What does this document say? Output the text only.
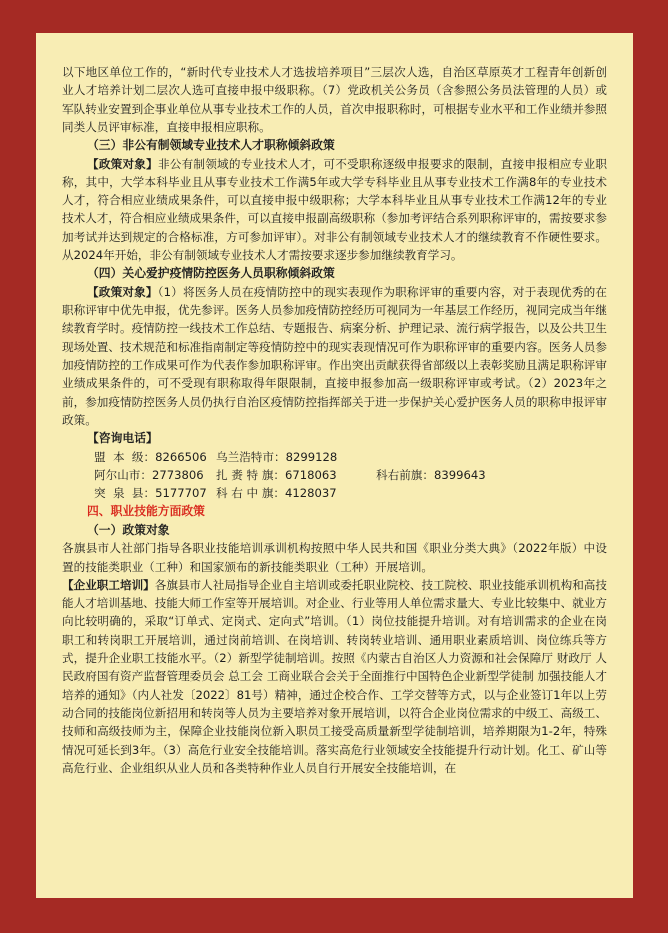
以下地区单位工作的，“新时代专业技术人才选拔培养项目”三层次人选，自治区草原英才工程青年创新创业人才培养计划二层次人选可直接申报中级职称。（7）党政机关公务员（含参照公务员法管理的人员）或军队转业安置到企事业单位从事专业技术工作的人员，首次申报职称时，可根据专业水平和工作业绩并参照同类人员评审标准，直接申报相应职称。

（三）非公有制领域专业技术人才职称倾斜政策

【政策对象】非公有制领域的专业技术人才，可不受职称逐级申报要求的限制，直接申报相应专业职称，其中，大学本科毕业且从事专业技术工作满5年或大学专科毕业且从事专业技术工作满8年的专业技术人才，符合相应业绩成果条件，可以直接申报中级职称；大学本科毕业且从事专业技术工作满12年的专业技术人才，符合相应业绩成果条件，可以直接申报副高级职称（参加考评结合系列职称评审的，需按要求参加考试并达到规定的合格标准，方可参加评审）。对非公有制领域专业技术人才的继续教育不作硬性要求。从2024年开始，非公有制领域专业技术人才需按要求逐步参加继续教育学习。

（四）关心爱护疫情防控医务人员职称倾斜政策

【政策对象】（1）将医务人员在疫情防控中的现实表现作为职称评审的重要内容，对于表现优秀的在职称评审中优先申报，优先参评。医务人员参加疫情防控经历可视同为一年基层工作经历，视同完成当年继续教育学时。疫情防控一线技术工作总结、专题报告、病案分析、护理记录、流行病学报告，以及公共卫生现场处置、技术规范和标准指南制定等疫情防控中的现实表现情况可作为职称评审的重要内容。医务人员参加疫情防控的工作成果可作为代表作参加职称评审。作出突出贡献获得省部级以上表彰奖励且满足职称评审业绩成果条件的，可不受现有职称取得年限限制，直接申报参加高一级职称评审或考试。（2）2023年之前，参加疫情防控医务人员仍执行自治区疫情防控指挥部关于进一步保护关心爱护医务人员的职称申报评审政策。

【咨询电话】
盟  本  级：8266506 乌兰浩特市：8299128
阿尔山市：2773806	扎 赉 特 旗：6718063	科右前旗：8399643
突  泉  县：5177707 科 右 中 旗：4128037
四、职业技能方面政策
（一）政策对象

各旗县市人社部门指导各职业技能培训承训机构按照中华人民共和国《职业分类大典》（2022年版）中设置的技能类职业（工种）和国家颁布的新技能类职业（工种）开展培训。

【企业职工培训】各旗县市人社局指导企业自主培训或委托职业院校、技工院校、职业技能承训机构和高技能人才培训基地、技能大师工作室等开展培训。对企业、行业等用人单位需求量大、专业比较集中、就业方向比较明确的，采取“订单式、定岗式、定向式”培训。（1）岗位技能提升培训。对有培训需求的企业在岗职工和转岗职工开展培训，通过岗前培训、在岗培训、转岗转业培训、通用职业素质培训、岗位练兵等方式，提升企业职工技能水平。（2）新型学徒制培训。按照《内蒙古自治区人力资源和社会保障厅 财政厅 人民政府国有资产监督管理委员会 总工会 工商业联合会关于全面推行中国特色企业新型学徒制 加强技能人才培养的通知》（内人社发〔2022〕81号）精神，通过企校合作、工学交替等方式，以与企业签订1年以上劳动合同的技能岗位新招用和转岗等人员为主要培养对象开展培训，以符合企业岗位需求的中级工、高级工、技师和高级技师为主，保障企业技能岗位新入职员工接受高质量新型学徒制培训，培养期限为1-2年，特殊情况可延长到3年。（3）高危行业安全技能培训。落实高危行业领域安全技能提升行动计划。化工、矿山等高危行业、企业组织从业人员和各类特种作业人员自行开展安全技能培训，在
